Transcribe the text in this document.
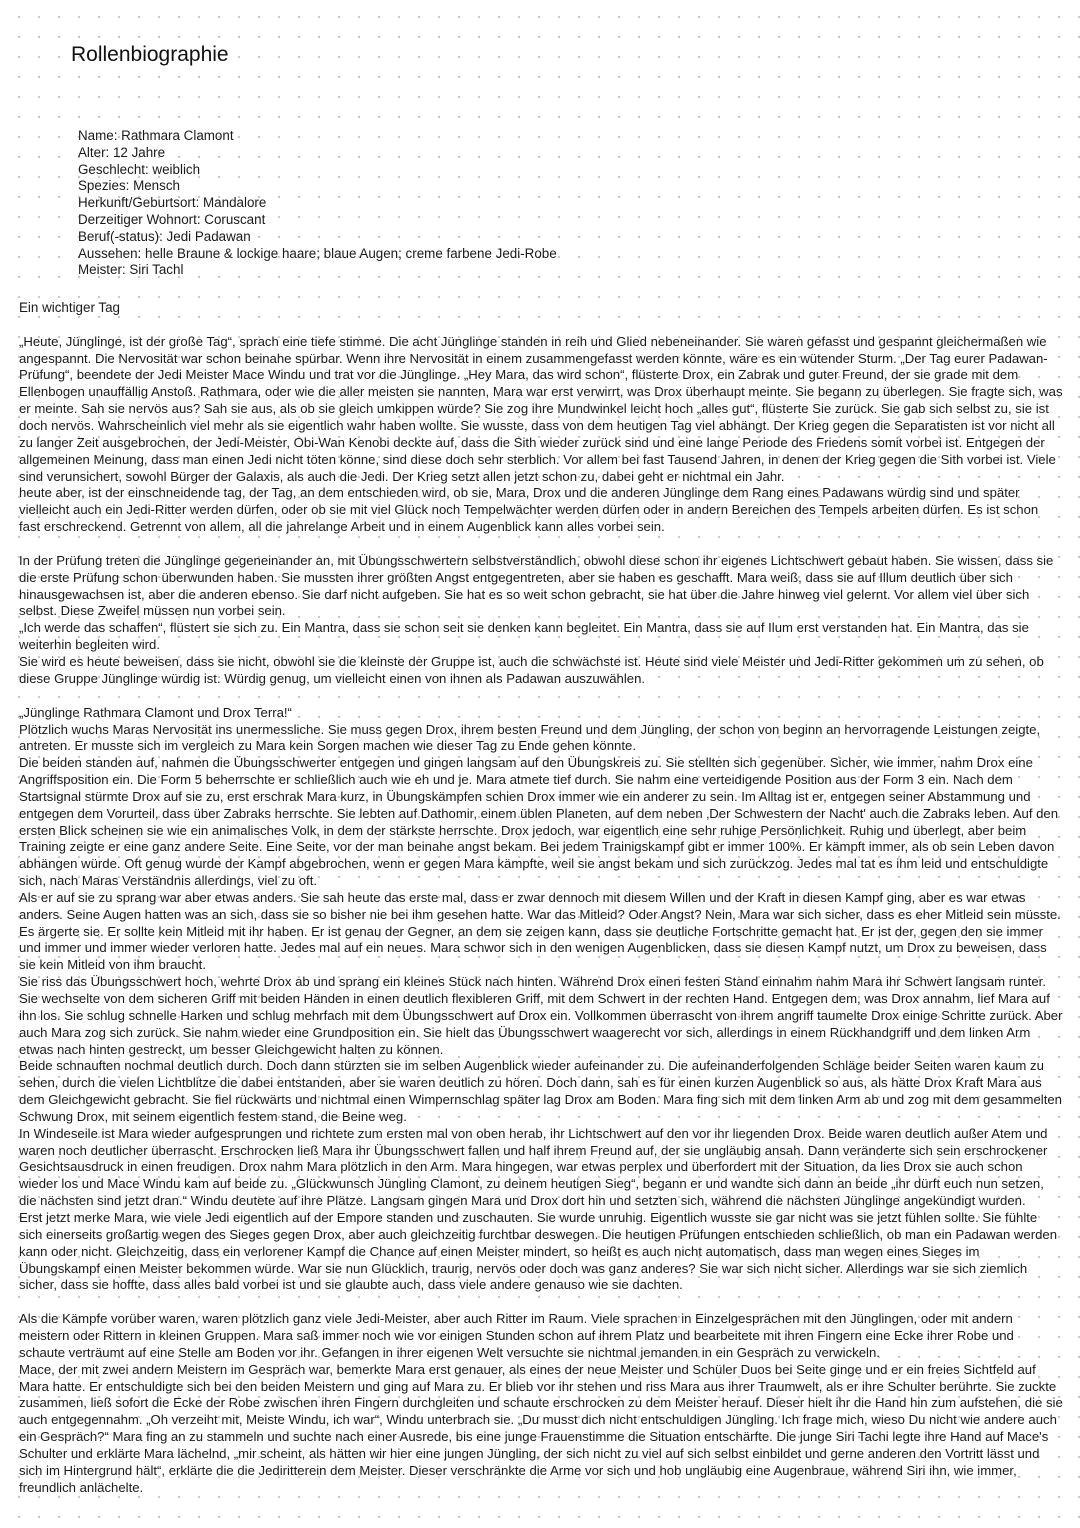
Rollenbiographie
Name: Rathmara Clamont
Alter: 12 Jahre
Geschlecht: weiblich
Spezies: Mensch
Herkunft/Geburtsort: Mandalore
Derzeitiger Wohnort: Coruscant
Beruf(-status): Jedi Padawan
Aussehen: helle Braune & lockige haare; blaue Augen; creme farbene Jedi-Robe
Meister: Siri Tachl
Ein wichtiger Tag

„Heute, Jünglinge, ist der große Tag“, sprach eine tiefe stimme. Die acht Jünglinge standen in reih und Glied nebeneinander. Sie waren gefasst und gespannt gleichermaßen wie angespannt. Die Nervosität war schon beinahe spürbar. Wenn ihre Nervosität in einem zusammengefasst werden könnte, wäre es ein wütender Sturm. „Der Tag eurer Padawan-Prüfung“, beendete der Jedi Meister Mace Windu und trat vor die Jünglinge. „Hey Mara, das wird schon“, flüsterte Drox, ein Zabrak und guter Freund, der sie grade mit dem Ellenbogen unauffällig Anstoß. Rathmara, oder wie die aller meisten sie nannten, Mara war erst verwirrt, was Drox überhaupt meinte. Sie begann zu überlegen. Sie fragte sich, was er meinte. Sah sie nervös aus? Sah sie aus, als ob sie gleich umkippen würde? Sie zog ihre Mundwinkel leicht hoch „alles gut“, flüsterte Sie zurück. Sie gab sich selbst zu, sie ist doch nervös. Wahrscheinlich viel mehr als sie eigentlich wahr haben wollte. Sie wusste, dass von dem heutigen Tag viel abhängt. Der Krieg gegen die Separatisten ist vor nicht all zu langer Zeit ausgebrochen, der Jedi-Meister, Obi-Wan Kenobi deckte auf, dass die Sith wieder zurück sind und eine lange Periode des Friedens somit vorbei ist. Entgegen der allgemeinen Meinung, dass man einen Jedi nicht töten könne, sind diese doch sehr sterblich. Vor allem bei fast Tausend Jahren, in denen der Krieg gegen die Sith vorbei ist. Viele sind verunsichert, sowohl Bürger der Galaxis, als auch die Jedi. Der Krieg setzt allen jetzt schon zu, dabei geht er nichtmal ein Jahr.

heute aber, ist der einschneidende tag, der Tag, an dem entschieden wird, ob sie, Mara, Drox und die anderen Jünglinge dem Rang eines Padawans würdig sind und später vielleicht auch ein Jedi-Ritter werden dürfen, oder ob sie mit viel Glück noch Tempelwächter werden dürfen oder in andern Bereichen des Tempels arbeiten dürfen. Es ist schon fast erschreckend. Getrennt von allem, all die jahrelange Arbeit und in einem Augenblick kann alles vorbei sein.

In der Prüfung treten die Jünglinge gegeneinander an, mit Übungsschwertern selbstverständlich, obwohl diese schon ihr eigenes Lichtschwert gebaut haben. Sie wissen, dass sie die erste Prüfung schon überwunden haben. Sie mussten ihrer größten Angst entgegentreten, aber sie haben es geschafft. Mara weiß, dass sie auf Illum deutlich über sich hinausgewachsen ist, aber die anderen ebenso. Sie darf nicht aufgeben. Sie hat es so weit schon gebracht, sie hat über die Jahre hinweg viel gelernt. Vor allem viel über sich selbst. Diese Zweifel müssen nun vorbei sein.

„Ich werde das schaffen“, flüstert sie sich zu. Ein Mantra, dass sie schon seit sie denken kann begleitet. Ein Mantra, dass sie auf Ilum erst verstanden hat. Ein Mantra, das sie weiterhin begleiten wird.

Sie wird es heute beweisen, dass sie nicht, obwohl sie die kleinste der Gruppe ist, auch die schwächste ist. Heute sind viele Meister und Jedi-Ritter gekommen um zu sehen, ob diese Gruppe Jünglinge würdig ist. Würdig genug, um vielleicht einen von ihnen als Padawan auszuwählen.

„Jünglinge Rathmara Clamont und Drox Terra!“

Plötzlich wuchs Maras Nervosität ins unermessliche. Sie muss gegen Drox, ihrem besten Freund und dem Jüngling, der schon von beginn an hervorragende Leistungen zeigte, antreten. Er musste sich im vergleich zu Mara kein Sorgen machen wie dieser Tag zu Ende gehen könnte.

Die beiden standen auf, nahmen die Übungsschwerter entgegen und gingen langsam auf den Übungskreis zu. Sie stellten sich gegenüber. Sicher, wie immer, nahm Drox eine Angriffsposition ein. Die Form 5 beherrschte er schließlich auch wie eh und je. Mara atmete tief durch. Sie nahm eine verteidigende Position aus der Form 3 ein. Nach dem Startsignal stürmte Drox auf sie zu, erst erschrak Mara kurz, in Übungskämpfen schien Drox immer wie ein anderer zu sein. Im Alltag ist er, entgegen seiner Abstammung und entgegen dem Vorurteil, dass über Zabraks herrschte. Sie lebten auf Dathomir, einem üblen Planeten, auf dem neben ‚Der Schwestern der Nacht' auch die Zabraks leben. Auf den ersten Blick scheinen sie wie ein animalisches Volk, in dem der stärkste herrschte. Drox jedoch, war eigentlich eine sehr ruhige Persönlichkeit. Ruhig und überlegt, aber beim Training zeigte er eine ganz andere Seite. Eine Seite, vor der man beinahe angst bekam. Bei jedem Trainigskampf gibt er immer 100%. Er kämpft immer, als ob sein Leben davon abhängen würde. Oft genug wurde der Kampf abgebrochen, wenn er gegen Mara kämpfte, weil sie angst bekam und sich zurückzog. Jedes mal tat es ihm leid und entschuldigte sich, nach Maras Verständnis allerdings, viel zu oft.

Als er auf sie zu sprang war aber etwas anders. Sie sah heute das erste mal, dass er zwar dennoch mit diesem Willen und der Kraft in diesen Kampf ging, aber es war etwas anders. Seine Augen hatten was an sich, dass sie so bisher nie bei ihm gesehen hatte. War das Mitleid? Oder Angst? Nein, Mara war sich sicher, dass es eher Mitleid sein müsste. Es ärgerte sie. Er sollte kein Mitleid mit ihr haben. Er ist genau der Gegner, an dem sie zeigen kann, dass sie deutliche Fortschritte gemacht hat. Er ist der, gegen den sie immer und immer und immer wieder verloren hatte. Jedes mal auf ein neues. Mara schwor sich in den wenigen Augenblicken, dass sie diesen Kampf nutzt, um Drox zu beweisen, dass sie kein Mitleid von ihm braucht.

Sie riss das Übungsschwert hoch, wehrte Drox ab und sprang ein kleines Stück nach hinten. Während Drox einen festen Stand einnahm nahm Mara ihr Schwert langsam runter. Sie wechselte von dem sicheren Griff mit beiden Händen in einen deutlich flexibleren Griff, mit dem Schwert in der rechten Hand. Entgegen dem, was Drox annahm, lief Mara auf ihn los. Sie schlug schnelle Harken und schlug mehrfach mit dem Übungsschwert auf Drox ein. Vollkommen überrascht von ihrem angriff taumelte Drox einige Schritte zurück. Aber auch Mara zog sich zurück. Sie nahm wieder eine Grundposition ein. Sie hielt das Übungsschwert waagerecht vor sich, allerdings in einem Rückhandgriff und dem linken Arm etwas nach hinten gestreckt, um besser Gleichgewicht halten zu können.

Beide schnauften nochmal deutlich durch. Doch dann stürzten sie im selben Augenblick wieder aufeinander zu. Die aufeinanderfolgenden Schläge beider Seiten waren kaum zu sehen, durch die vielen Lichtblitze die dabei entstanden, aber sie waren deutlich zu hören. Doch dann, sah es für einen kurzen Augenblick so aus, als hätte Drox Kraft Mara aus dem Gleichgewicht gebracht. Sie fiel rückwärts und nichtmal einen Wimpernschlag später lag Drox am Boden. Mara fing sich mit dem linken Arm ab und zog mit dem gesammelten Schwung Drox, mit seinem eigentlich festem stand, die Beine weg.

In Windeseile ist Mara wieder aufgesprungen und richtete zum ersten mal von oben herab, ihr Lichtschwert auf den vor ihr liegenden Drox. Beide waren deutlich außer Atem und waren noch deutlicher überrascht. Erschrocken ließ Mara ihr Übungsschwert fallen und half ihrem Freund auf, der sie ungläubig ansah. Dann veränderte sich sein erschrockener Gesichtsausdruck in einen freudigen. Drox nahm Mara plötzlich in den Arm. Mara hingegen, war etwas perplex und überfordert mit der Situation, da lies Drox sie auch schon wieder los und Mace Windu kam auf beide zu. „Glückwunsch Jüngling Clamont, zu deinem heutigen Sieg“, begann er und wandte sich dann an beide „ihr dürft euch nun setzen, die nächsten sind jetzt dran.“ Windu deutete auf ihre Plätze. Langsam gingen Mara und Drox dort hin und setzten sich, während die nächsten Jünglinge angekündigt wurden.

Erst jetzt merke Mara, wie viele Jedi eigentlich auf der Empore standen und zuschauten. Sie wurde unruhig. Eigentlich wusste sie gar nicht was sie jetzt fühlen sollte. Sie fühlte sich einerseits großartig wegen des Sieges gegen Drox, aber auch gleichzeitig furchtbar deswegen. Die heutigen Prüfungen entschieden schließlich, ob man ein Padawan werden kann oder nicht. Gleichzeitig, dass ein verlorener Kampf die Chance auf einen Meister mindert, so heißt es auch nicht automatisch, dass man wegen eines Sieges im Übungskampf einen Meister bekommen würde. War sie nun Glücklich, traurig, nervös oder doch was ganz anderes? Sie war sich nicht sicher. Allerdings war sie sich ziemlich sicher, dass sie hoffte, dass alles bald vorbei ist und sie glaubte auch, dass viele andere genauso wie sie dachten.

Als die Kämpfe vorüber waren, waren plötzlich ganz viele Jedi-Meister, aber auch Ritter im Raum. Viele sprachen in Einzelgesprächen mit den Jünglingen, oder mit andern meistern oder Rittern in kleinen Gruppen. Mara saß immer noch wie vor einigen Stunden schon auf ihrem Platz und bearbeitete mit ihren Fingern eine Ecke ihrer Robe und schaute verträumt auf eine Stelle am Boden vor ihr. Gefangen in ihrer eigenen Welt versuchte sie nichtmal jemanden in ein Gespräch zu verwickeln.

Mace, der mit zwei andern Meistern im Gespräch war, bemerkte Mara erst genauer, als eines der neue Meister und Schüler Duos bei Seite ginge und er ein freies Sichtfeld auf Mara hatte. Er entschuldigte sich bei den beiden Meistern und ging auf Mara zu. Er blieb vor ihr stehen und riss Mara aus ihrer Traumwelt, als er ihre Schulter berührte. Sie zuckte zusammen, ließ sofort die Ecke der Robe zwischen ihren Fingern durchgleiten und schaute erschrocken zu dem Meister herauf. Dieser hielt ihr die Hand hin zum aufstehen, die sie auch entgegennahm. „Oh verzeiht mit, Meiste Windu, ich war“, Windu unterbrach sie. „Du musst dich nicht entschuldigen Jüngling. Ich frage mich, wieso Du nicht wie andere auch ein Gespräch?“ Mara fing an zu stammeln und suchte nach einer Ausrede, bis eine junge Frauenstimme die Situation entschärfte. Die junge Siri Tachi legte ihre Hand auf Mace's Schulter und erklärte Mara lächelnd, „mir scheint, als hätten wir hier eine jungen Jüngling, der sich nicht zu viel auf sich selbst einbildet und gerne anderen den Vortritt lässt und sich im Hintergrund hält“, erklärte die die Jediritterein dem Meister. Dieser verschränkte die Arme vor sich und hob ungläubig eine Augenbraue, während Siri ihn, wie immer, freundlich anlächelte.
